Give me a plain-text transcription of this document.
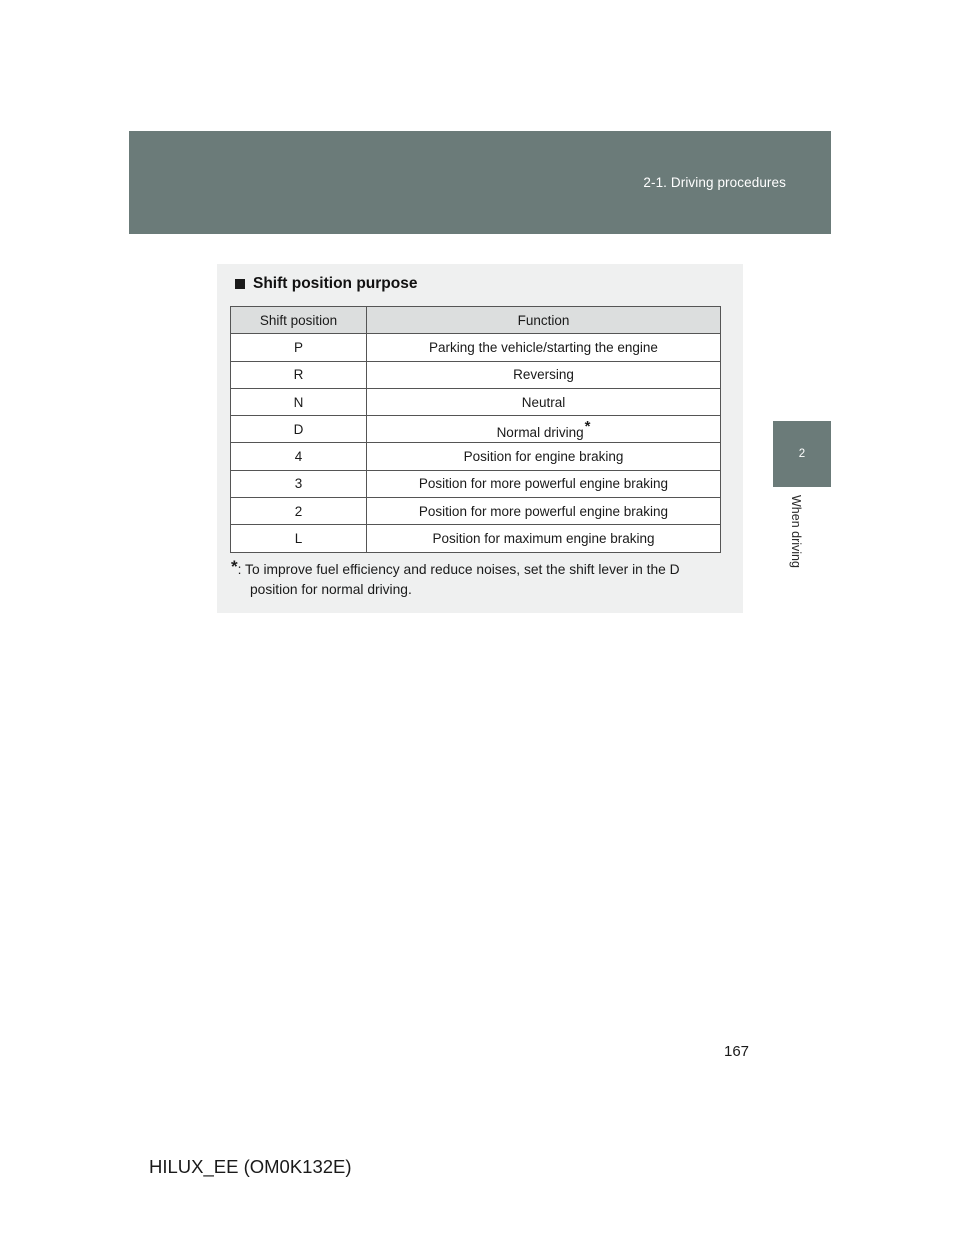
2-1. Driving procedures
2
When driving
Shift position purpose
Shift position	Function
P	Parking the vehicle/starting the engine
R	Reversing
N	Neutral
D	Normal driving*
4	Position for engine braking
3	Position for more powerful engine braking
2	Position for more powerful engine braking
L	Position for maximum engine braking
*: To improve fuel efficiency and reduce noises, set the shift lever in the D
position for normal driving.
167
HILUX_EE (OM0K132E)
